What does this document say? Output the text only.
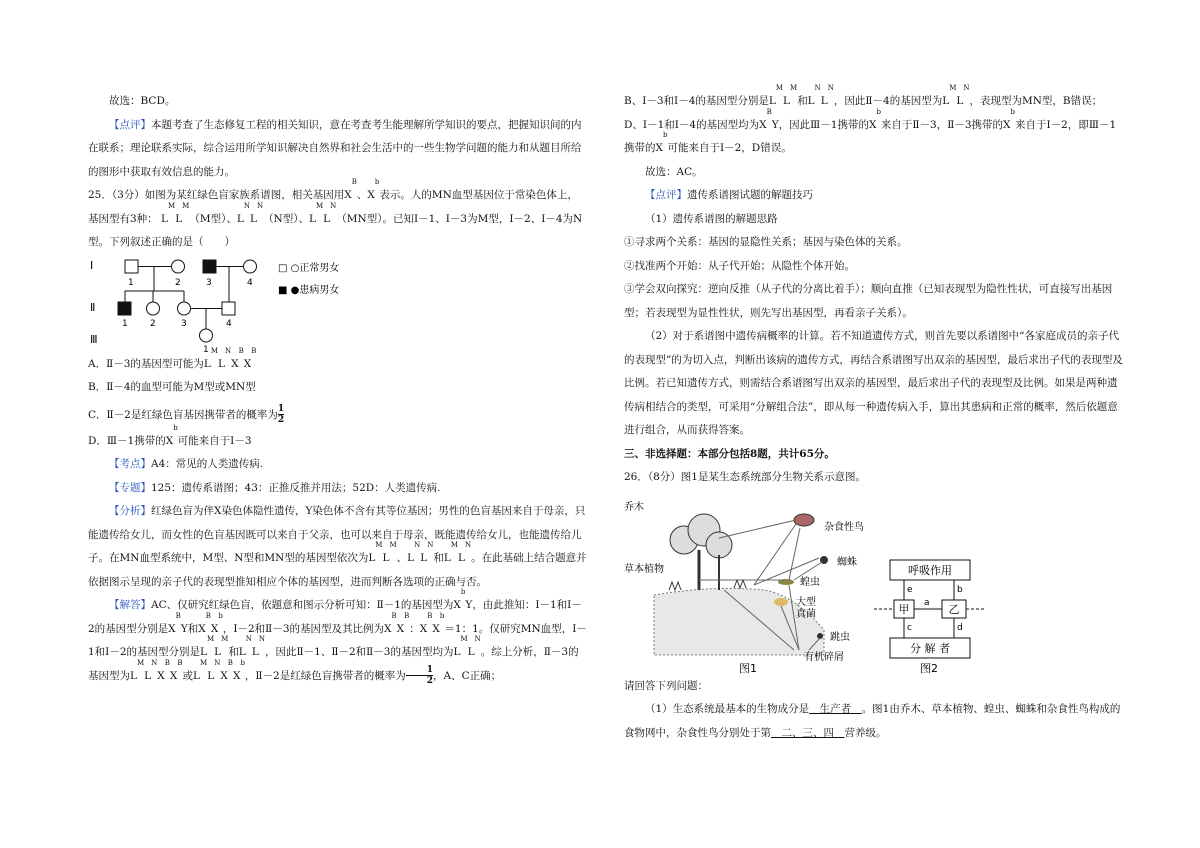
故选：BCD。

【点评】本题考查了生态修复工程的相关知识，意在考查考生能理解所学知识的要点，把握知识间的内在联系；理论联系实际，综合运用所学知识解决自然界和社会生活中的一些生物学问题的能力和从题目所给的图形中获取有效信息的能力。

25．（3分）如图为某红绿色盲家族系谱图，相关基因用$X^B$、$X^b$表示。人的MN血型基因位于常染色体上，基因型有3种： $L^ML^M(M$型）、$L^NL^N(N$型）、$L^ML^N(MN$型）。已知Ⅰ－1、Ⅰ－3为M型，Ⅰ－2、Ⅰ－4为N型。下列叙述正确的是（　　）

Ⅰ
Ⅱ
Ⅲ
1	2	3	4
1 2	3	4
1
□ ○正常男女
■ ●患病男女

A．Ⅱ－3的基因型可能为$L^ML^NX^BX^B$

B．Ⅱ－4的血型可能为M型或MN型

C．Ⅱ－2是红绿色盲基因携带者的概率为 $\frac{1}{2}$

D．Ⅲ－1携带的$X^b$可能来自于Ⅰ－3

【考点】A4：常见的人类遗传病.

【专题】125：遗传系谱图；43：正推反推并用法；52D：人类遗传病.

【分析】红绿色盲为伴X染色体隐性遗传，Y染色体不含有其等位基因；男性的色盲基因来自于母亲，只能遗传给女儿，而女性的色盲基因既可以来自于父亲，也可以来自于母亲，既能遗传给女儿，也能遗传给儿子。在MN血型系统中，M型、N型和MN型的基因型依次为$L^ML^M$、$L^NL^N$和$L^ML^N$。在此基础上结合题意并依据图示呈现的亲子代的表现型推知相应个体的基因型，进而判断各选项的正确与否。

【解答】AC、仅研究红绿色盲，依题意和图示分析可知：Ⅱ－1的基因型为$X^bY$，由此推知：Ⅰ－1和Ⅰ－2的基因型分别是$X^BY$和$X^BX^b$，Ⅰ－2和Ⅱ－3的基因型及其比例为$X^BX^B$：$X^BX^b=1$：1。仅研究MN血型，Ⅰ－1和Ⅰ－2的基因型分别是$L^ML^M$和$L^NL^N$，因此Ⅱ－1、Ⅱ－2和Ⅱ－3的基因型均为$L^ML^N$。综上分析，Ⅱ－3的基因型为$L^ML^NX^BX^B$或$L^ML^NX^BX^b$，Ⅱ－2是红绿色盲携带者的概率为 $\frac{1}{2}$ ，A、C正确；

B、Ⅰ－3和Ⅰ－4的基因型分别是$L^ML^M$和$L^NL^N$，因此Ⅱ－4的基因型为$L^ML^N$，表现型为MN型，B错误；

D、Ⅰ－1和Ⅰ－4的基因型均为$X^BY$，因此Ⅲ－1携带的$X^b$来自于Ⅱ－3，Ⅱ－3携带的$X^b$来自于Ⅰ－2，即Ⅲ－1携带的$X^b$可能来自于Ⅰ－2，D错误。

故选：AC。

【点评】遗传系谱图试题的解题技巧

（1）遗传系谱图的解题思路

①寻求两个关系：基因的显隐性关系；基因与染色体的关系。

②找准两个开始：从子代开始；从隐性个体开始。

③学会双向探究：逆向反推（从子代的分离比着手）；顺向直推（已知表现型为隐性性状，可直接写出基因型；若表现型为显性性状，则先写出基因型，再看亲子关系）。

（2）对于系谱图中遗传病概率的计算。若不知道遗传方式，则首先要以系谱图中“各家庭成员的亲子代的表现型”的为切入点，判断出该病的遗传方式，再结合系谱图写出双亲的基因型，最后求出子代的表现型及比例。若已知遗传方式，则需结合系谱图写出双亲的基因型，最后求出子代的表现型及比例。如果是两种遗传病相结合的类型，可采用“分解组合法”，即从每一种遗传病入手，算出其患病和正常的概率，然后依题意进行组合，从而获得答案。

三、非选择题：本部分包括8题，共计65分。

26．（8分）图1是某生态系统部分生物关系示意图。

乔木
草本植物
杂食性鸟
蜘蛛
蝗虫
大型
真菌
跳虫
有机碎屑
图1
呼吸作用
甲	乙
分 解 者
a
b
c	d
e
图2

请回答下列问题：

（1）生态系统最基本的生物成分是　生产者　。图1由乔木、草本植物、蝗虫、蜘蛛和杂食性鸟构成的食物网中，杂食性鸟分别处于第　二、三、四　营养级。
